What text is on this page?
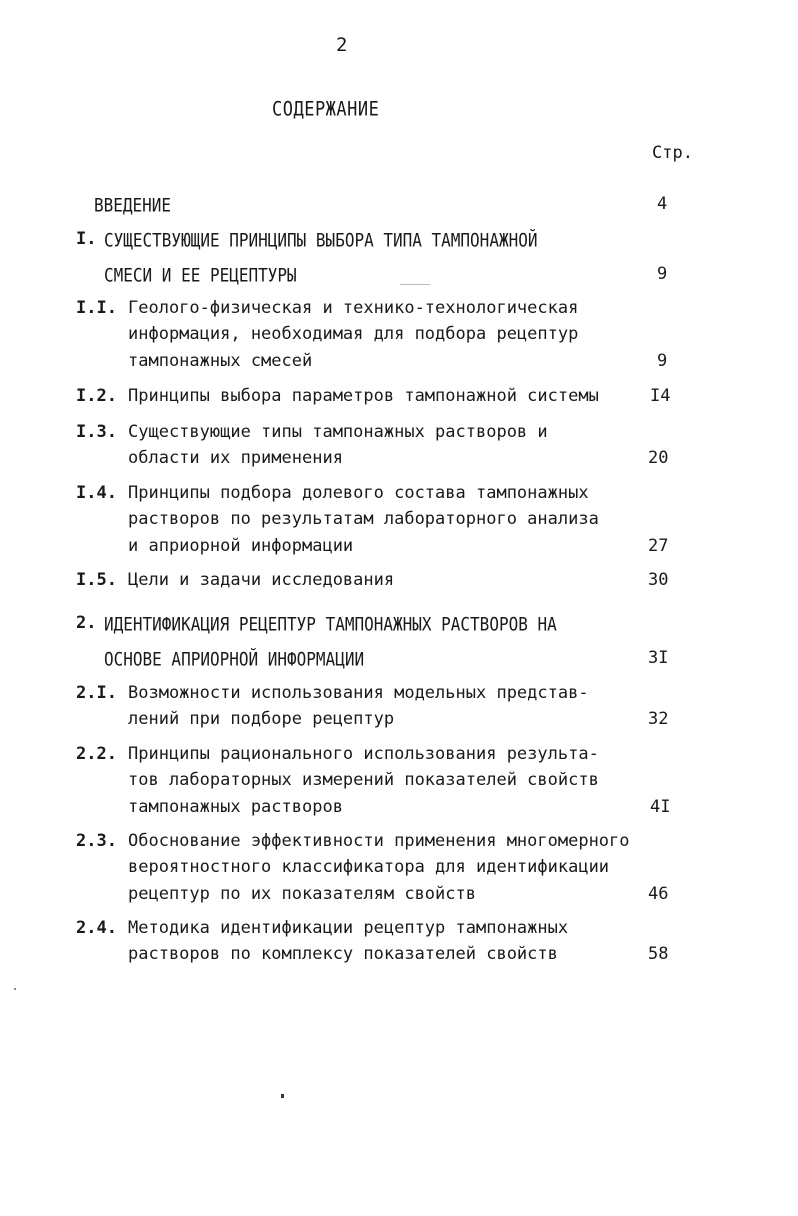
2
СОДЕРЖАНИЕ
Стр.
ВВЕДЕНИЕ	4
I. СУЩЕСТВУЮЩИЕ ПРИНЦИПЫ ВЫБОРА ТИПА ТАМПОНАЖНОЙ
СМЕСИ И ЕЕ РЕЦЕПТУРЫ	9
I.I. Геолого-физическая и технико-технологическая
информация, необходимая для подбора рецептур
тампонажных смесей	9
I.2. Принципы выбора параметров тампонажной системы	I4
I.3. Существующие типы тампонажных растворов и
области их применения	20
I.4. Принципы подбора долевого состава тампонажных
растворов по результатам лабораторного анализа
и априорной информации	27
I.5. Цели и задачи исследования	30
2. ИДЕНТИФИКАЦИЯ РЕЦЕПТУР ТАМПОНАЖНЫХ РАСТВОРОВ НА
ОСНОВЕ АПРИОРНОЙ ИНФОРМАЦИИ	3I
2.I. Возможности использования модельных представ-
лений при подборе рецептур	32
2.2. Принципы рационального использования результа-
тов лабораторных измерений показателей свойств
тампонажных растворов	4I
2.3. Обоснование эффективности применения многомерного
вероятностного классификатора для идентификации
рецептур по их показателям свойств	46
2.4. Методика идентификации рецептур тампонажных
растворов по комплексу показателей свойств	58
